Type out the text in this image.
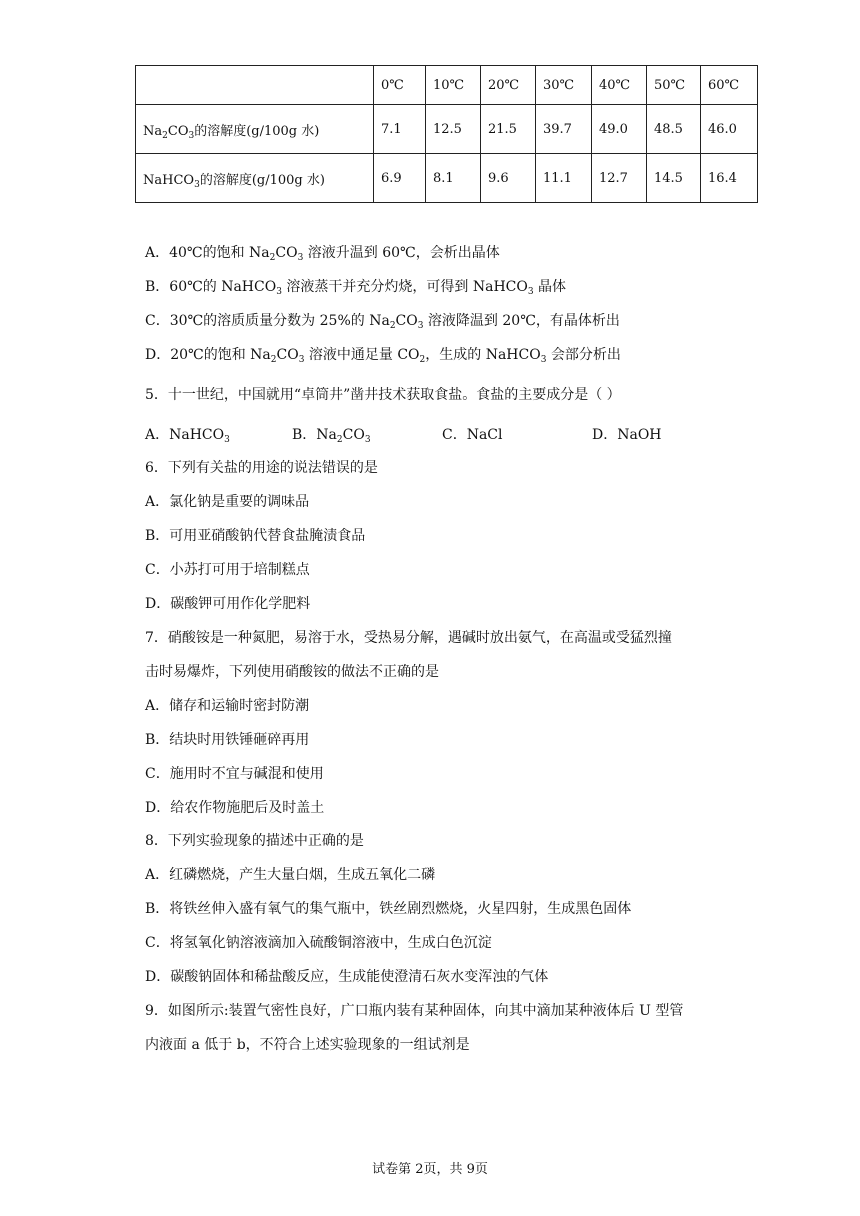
	0℃	10℃	20℃	30℃	40℃	50℃	60℃
$Na_2CO_3$的溶解度(g/100g 水)	7.1	12.5	21.5	39.7	49.0	48.5	46.0
NaHCO$_3$的溶解度(g/100g 水)	6.9	8.1	9.6	11.1	12.7	14.5	16.4
A．40℃的饱和 $Na_2CO_3$ 溶液升温到 60℃，会析出晶体
B．60℃的 NaHCO$_3$ 溶液蒸干并充分灼烧，可得到 NaHCO$_3$ 晶体
C．30℃的溶质质量分数为 25%的 $Na_2CO_3$ 溶液降温到 20℃，有晶体析出
D．20℃的饱和 $Na_2CO_3$ 溶液中通足量 $CO_2$，生成的 NaHCO$_3$ 会部分析出
5．十一世纪，中国就用“卓筒井”凿井技术获取食盐。食盐的主要成分是（ ）
A．NaHCO$_3$	B．$Na_2CO_3$	C．NaCl	D．NaOH
6．下列有关盐的用途的说法错误的是
A．氯化钠是重要的调味品
B．可用亚硝酸钠代替食盐腌渍食品
C．小苏打可用于培制糕点
D．碳酸钾可用作化学肥料
7．硝酸铵是一种氮肥，易溶于水，受热易分解，遇碱时放出氨气，在高温或受猛烈撞
击时易爆炸，下列使用硝酸铵的做法不正确的是
A．储存和运输时密封防潮
B．结块时用铁锤砸碎再用
C．施用时不宜与碱混和使用
D．给农作物施肥后及时盖土
8．下列实验现象的描述中正确的是
A．红磷燃烧，产生大量白烟，生成五氧化二磷
B．将铁丝伸入盛有氧气的集气瓶中，铁丝剧烈燃烧，火星四射，生成黑色固体
C．将氢氧化钠溶液滴加入硫酸铜溶液中，生成白色沉淀
D．碳酸钠固体和稀盐酸反应，生成能使澄清石灰水变浑浊的气体
9．如图所示:装置气密性良好，广口瓶内装有某种固体，向其中滴加某种液体后 U 型管
内液面 a 低于 b，不符合上述实验现象的一组试剂是
试卷第 2页，共 9页
